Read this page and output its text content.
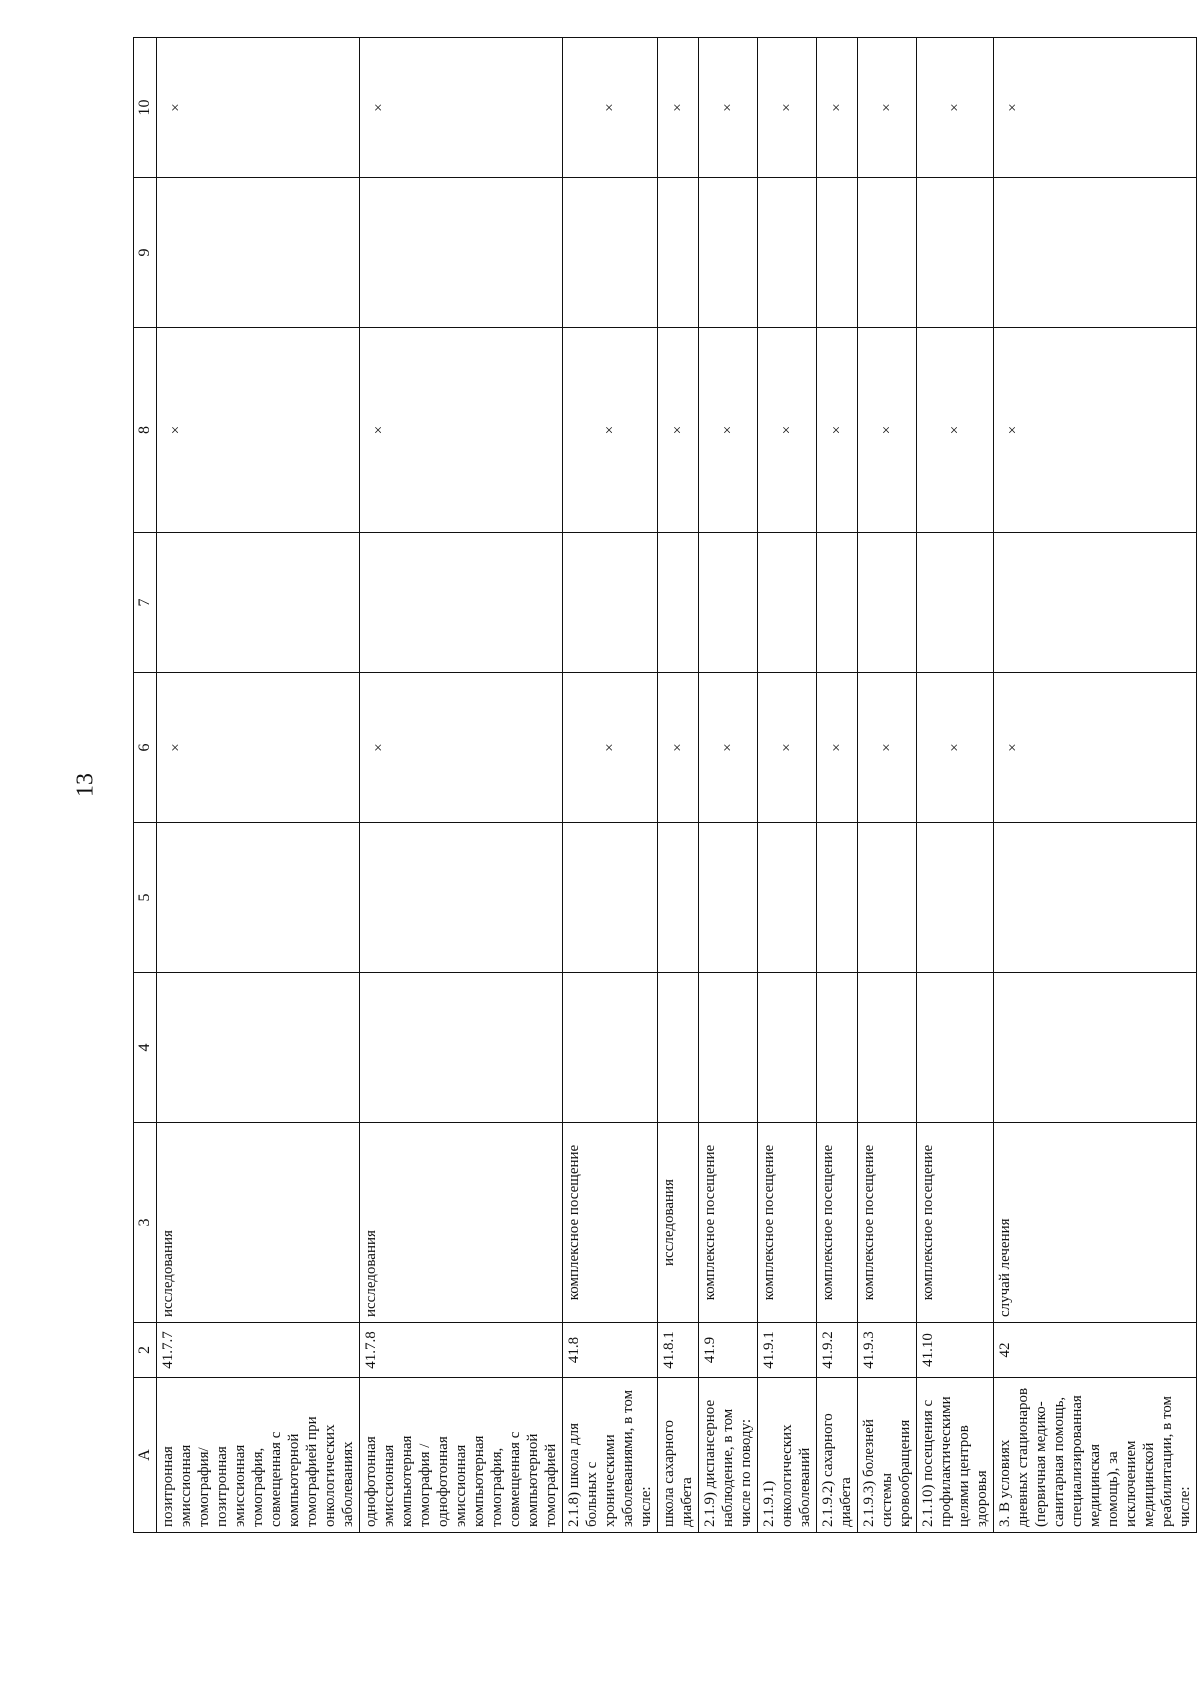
13
A	2	3	4	5	6	7	8	9	10
позитронная эмиссионная томография/позитронная эмиссионная томография, совмещенная с компьютерной томографией при онкологических заболеваниях	41.7.7	исследования			×		×		×
однофотонная эмиссионная компьютерная томография / однофотонная эмиссионная компьютерная томография, совмещенная с компьютерной томографией	41.7.8	исследования			×		×		×
2.1.8) школа для больных с хроническими заболеваниями, в том числе:	41.8	комплексное посещение			×		×		×
школа сахарного диабета	41.8.1	исследования			×		×		×
2.1.9) диспансерное наблюдение, в том числе по поводу:	41.9	комплексное посещение			×		×		×
2.1.9.1) онкологических заболеваний	41.9.1	комплексное посещение			×		×		×
2.1.9.2) сахарного диабета	41.9.2	комплексное посещение			×		×		×
2.1.9.3) болезней системы кровообращения	41.9.3	комплексное посещение			×		×		×
2.1.10) посещения с профилактическими целями центров здоровья	41.10	комплексное посещение			×		×		×
3. В условиях дневных стационаров (первичная медико-санитарная помощь, специализированная медицинская помощь), за исключением медицинской реабилитации, в том числе:	42	случай лечения			×		×		×
